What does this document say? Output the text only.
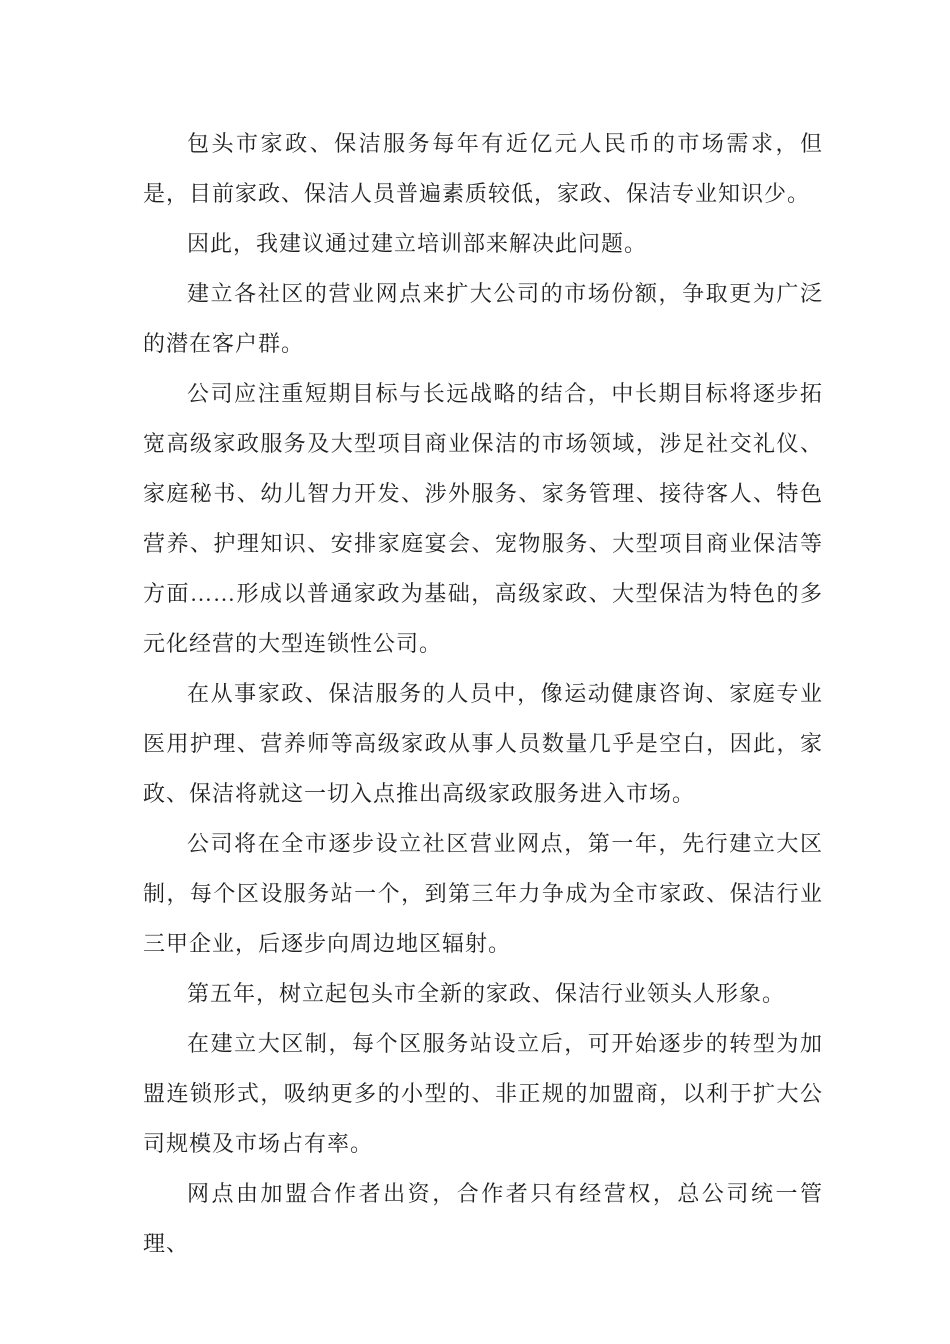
包头市家政、保洁服务每年有近亿元人民币的市场需求，但是，目前家政、保洁人员普遍素质较低，家政、保洁专业知识少。

因此，我建议通过建立培训部来解决此问题。

建立各社区的营业网点来扩大公司的市场份额，争取更为广泛的潜在客户群。

公司应注重短期目标与长远战略的结合，中长期目标将逐步拓宽高级家政服务及大型项目商业保洁的市场领域，涉足社交礼仪、家庭秘书、幼儿智力开发、涉外服务、家务管理、接待客人、特色营养、护理知识、安排家庭宴会、宠物服务、大型项目商业保洁等方面……形成以普通家政为基础，高级家政、大型保洁为特色的多元化经营的大型连锁性公司。

在从事家政、保洁服务的人员中，像运动健康咨询、家庭专业医用护理、营养师等高级家政从事人员数量几乎是空白，因此，家政、保洁将就这一切入点推出高级家政服务进入市场。

公司将在全市逐步设立社区营业网点，第一年，先行建立大区制，每个区设服务站一个，到第三年力争成为全市家政、保洁行业三甲企业，后逐步向周边地区辐射。

第五年，树立起包头市全新的家政、保洁行业领头人形象。

在建立大区制，每个区服务站设立后，可开始逐步的转型为加盟连锁形式，吸纳更多的小型的、非正规的加盟商，以利于扩大公司规模及市场占有率。

网点由加盟合作者出资，合作者只有经营权，总公司统一管理、
